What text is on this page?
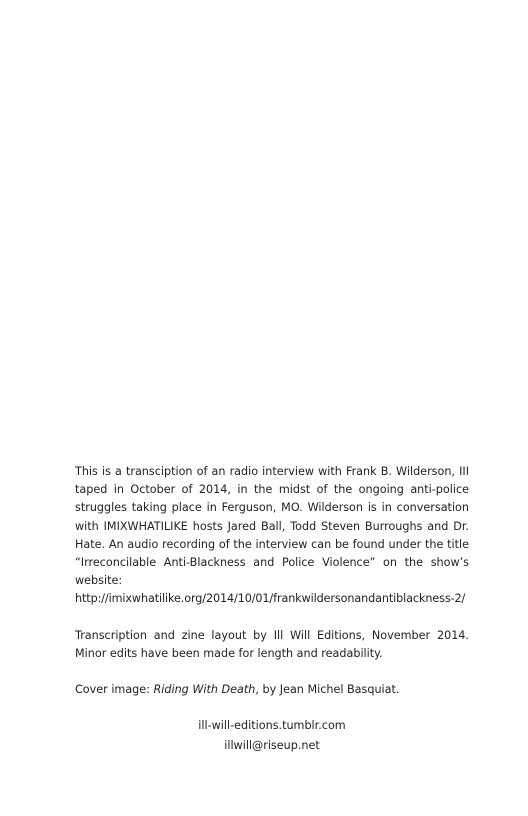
This is a transciption of an radio interview with Frank B. Wilderson, III taped in October of 2014, in the midst of the ongoing anti-police struggles taking place in Ferguson, MO. Wilderson is in conversation with IMIXWHATILIKE hosts Jared Ball, Todd Steven Burroughs and Dr. Hate. An audio recording of the interview can be found under the title “Irreconcilable Anti-Blackness and Police Violence” on the show’s website:
http://imixwhatilike.org/2014/10/01/frankwildersonandantiblackness-2/

Transcription and zine layout by Ill Will Editions, November 2014. Minor edits have been made for length and readability.

Cover image: Riding With Death, by Jean Michel Basquiat.

ill-will-editions.tumblr.com
illwill@riseup.net
